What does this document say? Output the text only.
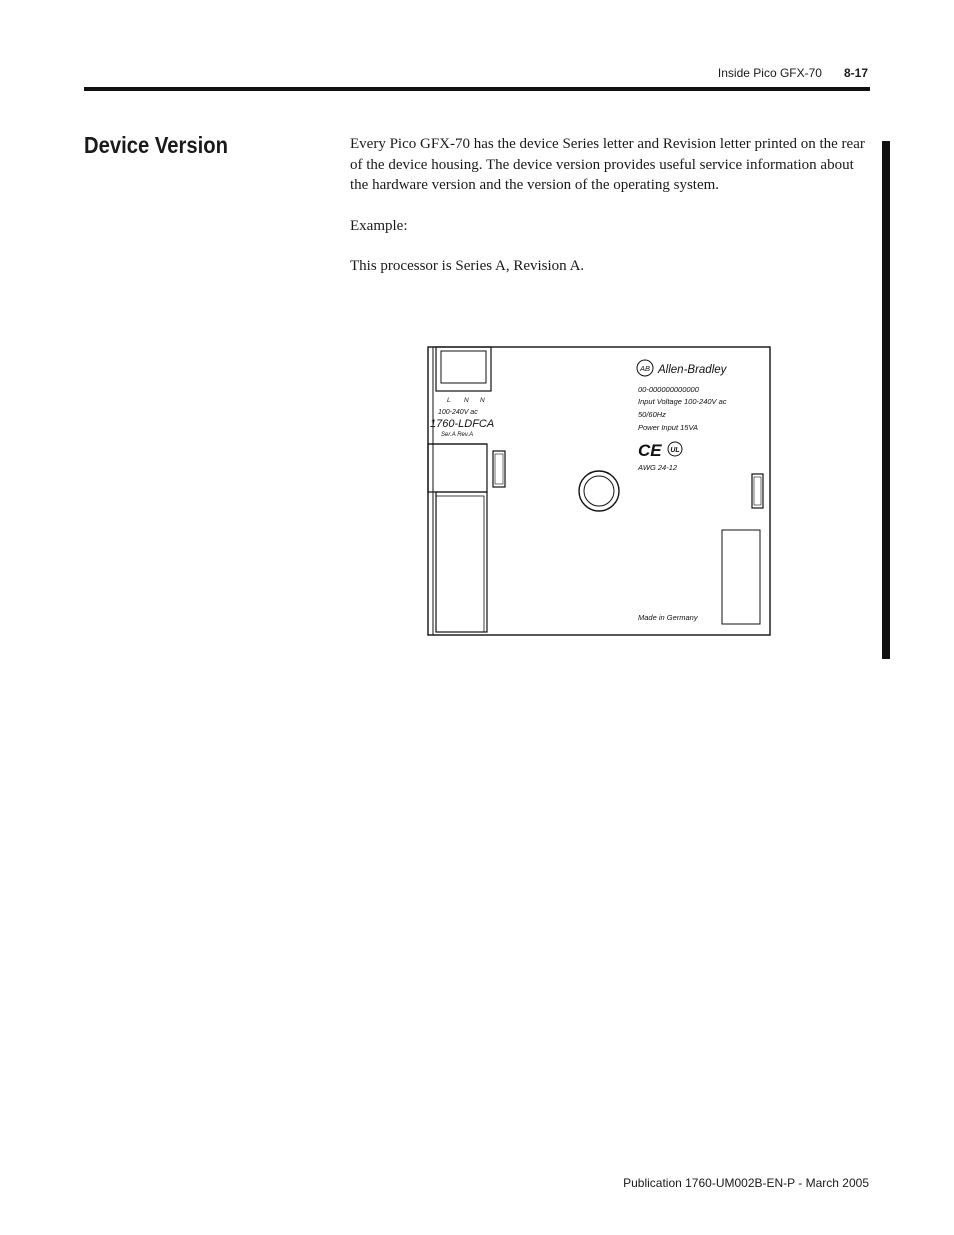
Inside Pico GFX-70 8-17
Device Version	Every Pico GFX-70 has the device Series letter and Revision letter printed on the rear of the device housing. The device version provides useful service information about the hardware version and the version of the operating system.

Example:

This processor is Series A, Revision A.

AB Allen-Bradley
00-000000000000
Input Voltage 100-240V ac
50/60Hz
Power Input 15VA
CE UL
AWG 24-12
Made in Germany
L N N
100-240V ac
1760-LDFCA
Ser.A Rev.A
Publication 1760-UM002B-EN-P - March 2005
